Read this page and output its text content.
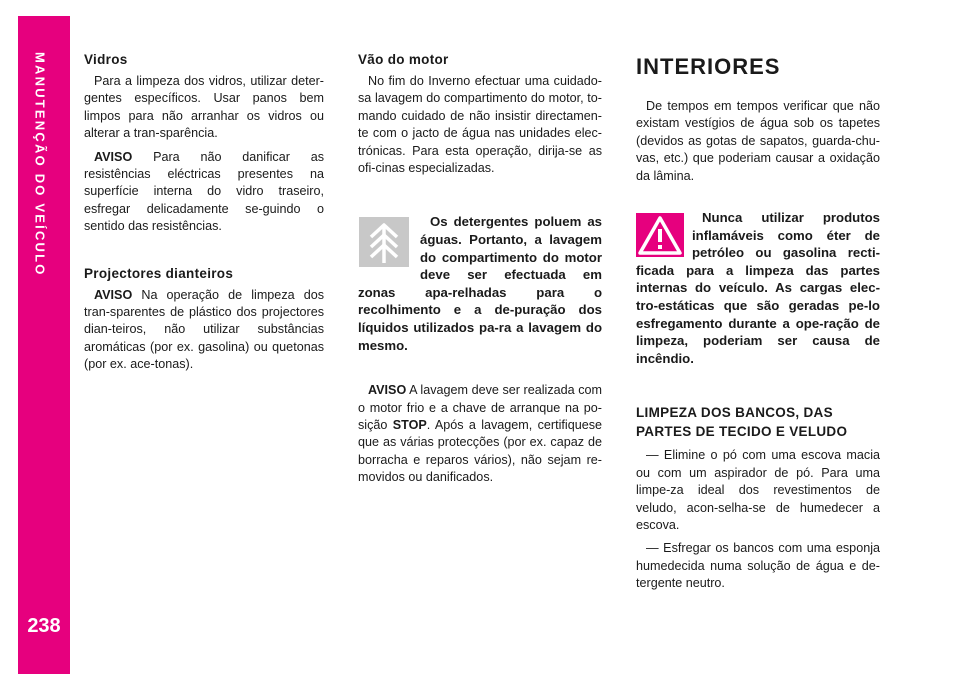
MANUTENÇÃO DO VEÍCULO
238
Vidros

Para a limpeza dos vidros, utilizar deter-gentes específicos. Usar panos bem limpos para não arranhar os vidros ou alterar a tran-sparência.

AVISO Para não danificar as resistências eléctricas presentes na superfície interna do vidro traseiro, esfregar delicadamente se-guindo o sentido das resistências.

Projectores dianteiros

AVISO Na operação de limpeza dos tran-sparentes de plástico dos projectores dian-teiros, não utilizar substâncias aromáticas (por ex. gasolina) ou quetonas (por ex. ace-tonas).

Vão do motor

No fim do Inverno efectuar uma cuidado-sa lavagem do compartimento do motor, to-mando cuidado de não insistir directamen-te com o jacto de água nas unidades elec-trónicas. Para esta operação, dirija-se as ofi-cinas especializadas.

Os detergentes poluem as águas. Portanto, a lavagem do compartimento do motor deve ser efectuada em zonas apa-relhadas para o recolhimento e a de-puração dos líquidos utilizados pa-ra a lavagem do mesmo.

AVISO A lavagem deve ser realizada com o motor frio e a chave de arranque na po-sição STOP. Após a lavagem, certifiquese que as várias protecções (por ex. capaz de borracha e reparos vários), não sejam re-movidos ou danificados.

INTERIORES

De tempos em tempos verificar que não existam vestígios de água sob os tapetes (devidos as gotas de sapatos, guarda-chu-vas, etc.) que poderiam causar a oxidação da lâmina.

Nunca utilizar produtos inflamáveis como éter de petróleo ou gasolina recti-ficada para a limpeza das partes internas do veículo. As cargas elec-tro-estáticas que são geradas pe-lo esfregamento durante a ope-ração de limpeza, poderiam ser causa de incêndio.

LIMPEZA DOS BANCOS, DAS PARTES DE TECIDO E VELUDO

— Elimine o pó com uma escova macia ou com um aspirador de pó. Para uma limpe-za ideal dos revestimentos de veludo, acon-selha-se de humedecer a escova.

— Esfregar os bancos com uma esponja humedecida numa solução de água e de-tergente neutro.
